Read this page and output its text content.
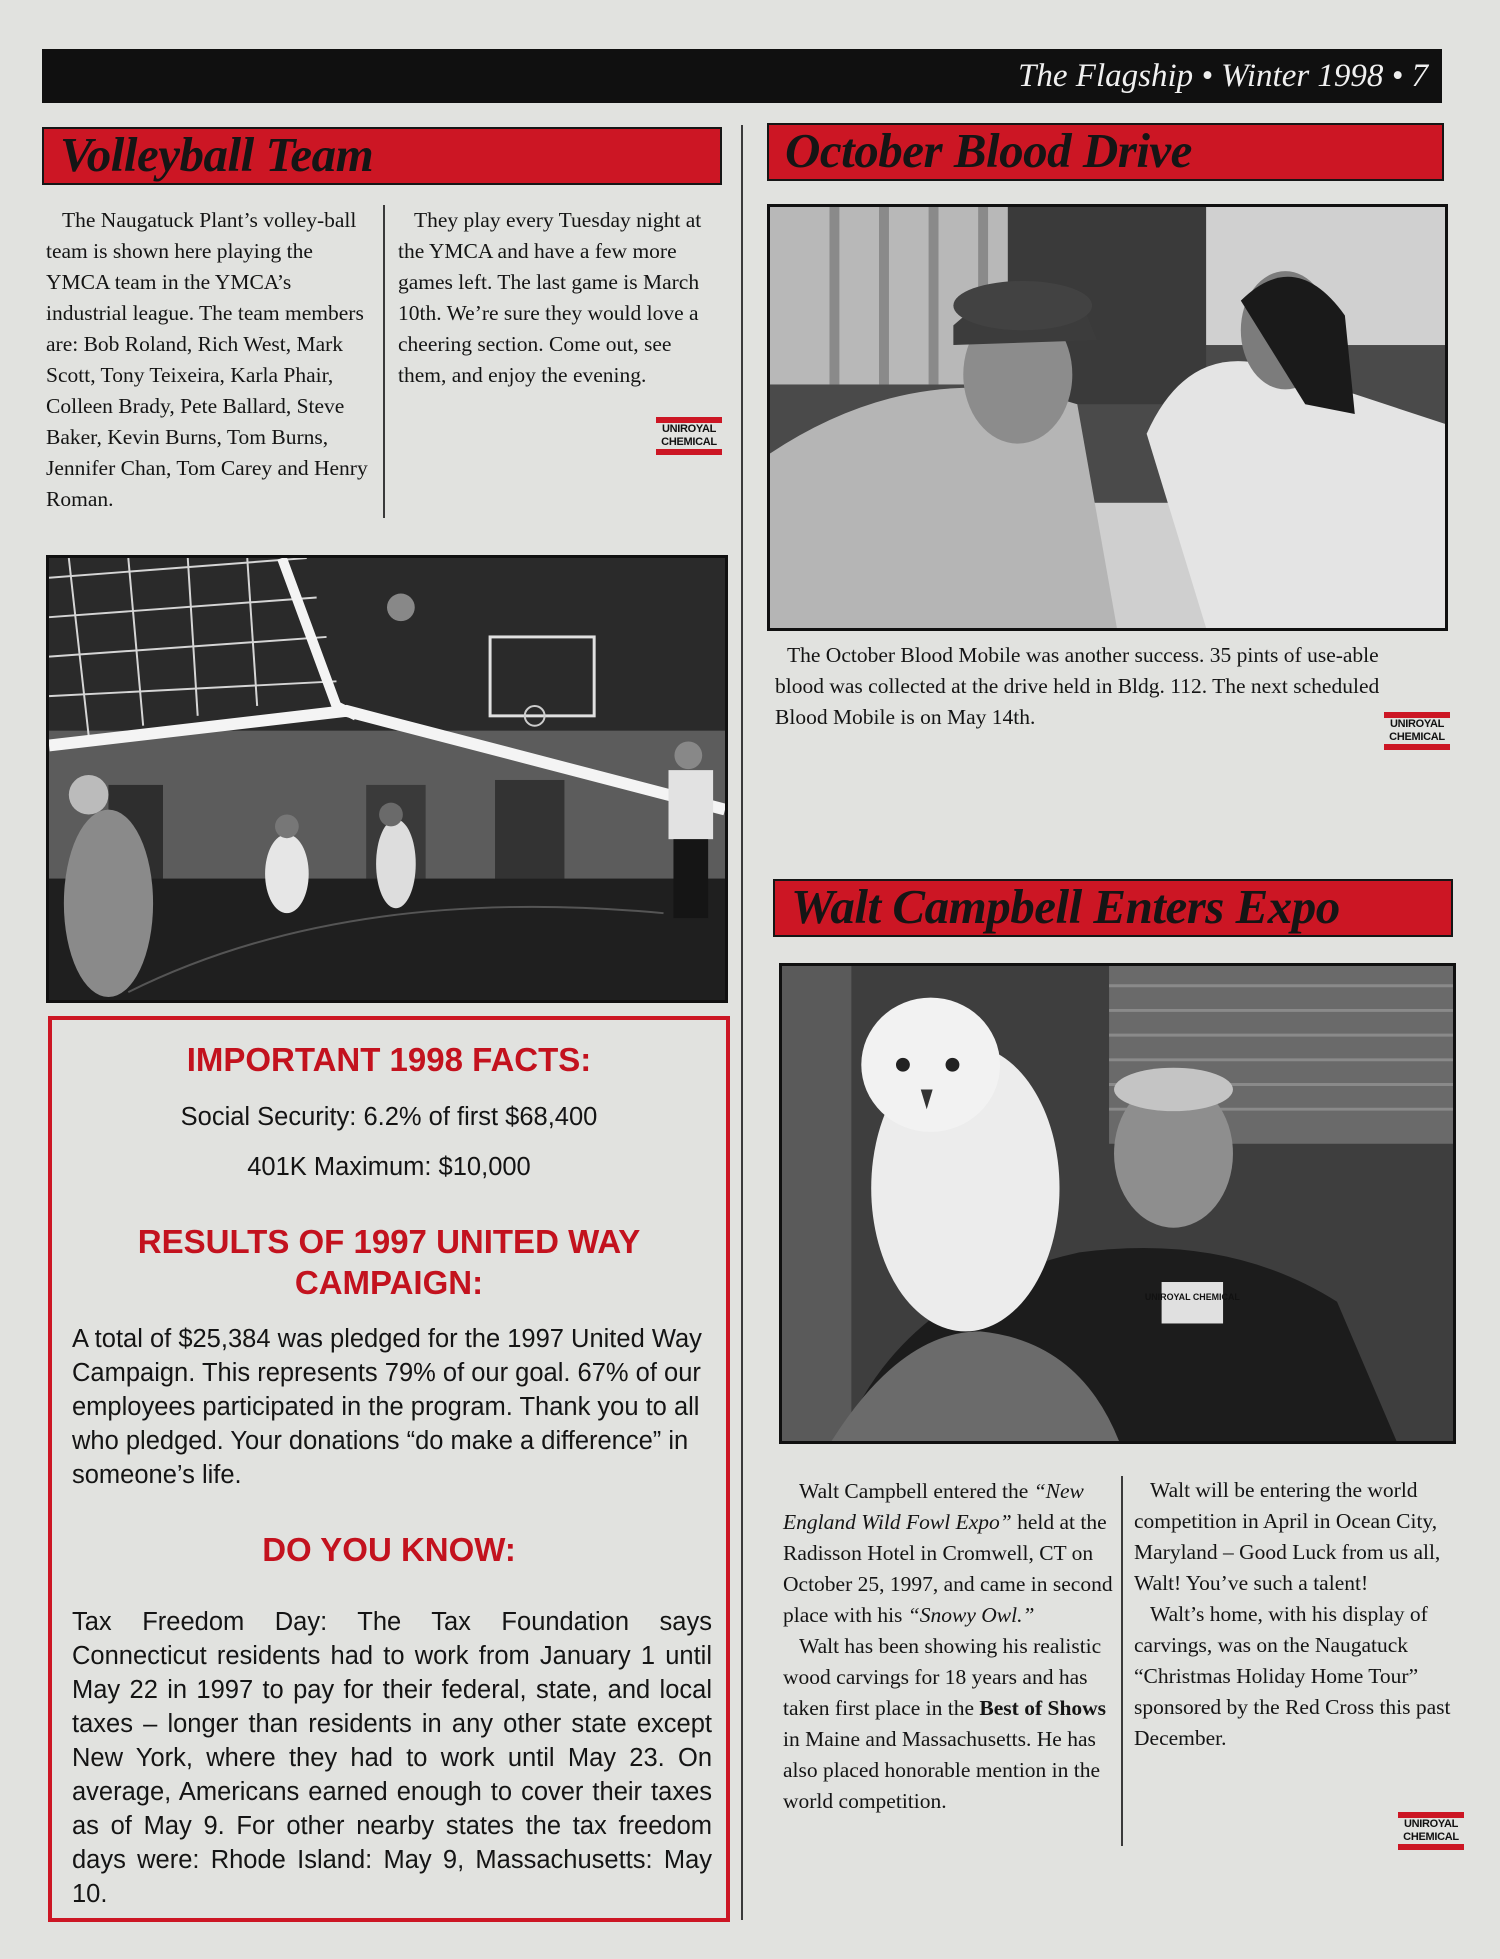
The Flagship • Winter 1998 • 7
Volleyball Team

The Naugatuck Plant’s volley-ball team is shown here playing the YMCA team in the YMCA’s industrial league. The team members are: Bob Roland, Rich West, Mark Scott, Tony Teixeira, Karla Phair, Colleen Brady, Pete Ballard, Steve Baker, Kevin Burns, Tom Burns, Jennifer Chan, Tom Carey and Henry Roman.

They play every Tuesday night at the YMCA and have a few more games left. The last game is March 10th. We’re sure they would love a cheering section. Come out, see them, and enjoy the evening.

UNIROYAL CHEMICAL
IMPORTANT 1998 FACTS:

Social Security: 6.2% of first $68,400

401K Maximum: $10,000

RESULTS OF 1997 UNITED WAY CAMPAIGN:

A total of $25,384 was pledged for the 1997 United Way Campaign. This represents 79% of our goal. 67% of our employees participated in the program. Thank you to all who pledged. Your donations “do make a difference” in someone’s life.

DO YOU KNOW:

Tax Freedom Day: The Tax Foundation says Connecticut residents had to work from January 1 until May 22 in 1997 to pay for their federal, state, and local taxes – longer than residents in any other state except New York, where they had to work until May 23. On average, Americans earned enough to cover their taxes as of May 9. For other nearby states the tax freedom days were: Rhode Island: May 9, Massachusetts: May 10.

October Blood Drive
The October Blood Mobile was another success. 35 pints of use-able blood was collected at the drive held in Bldg. 112. The next scheduled Blood Mobile is on May 14th.	UNIROYAL CHEMICAL
Walt Campbell Enters Expo
UNIROYAL CHEMICAL

Walt Campbell entered the “New England Wild Fowl Expo” held at the Radisson Hotel in Cromwell, CT on October 25, 1997, and came in second place with his “Snowy Owl.”

Walt has been showing his realistic wood carvings for 18 years and has taken first place in the Best of Shows in Maine and Massachusetts. He has also placed honorable mention in the world competition.

Walt will be entering the world competition in April in Ocean City, Maryland – Good Luck from us all, Walt! You’ve such a talent!

Walt’s home, with his display of carvings, was on the Naugatuck “Christmas Holiday Home Tour” sponsored by the Red Cross this past December.

UNIROYAL CHEMICAL
